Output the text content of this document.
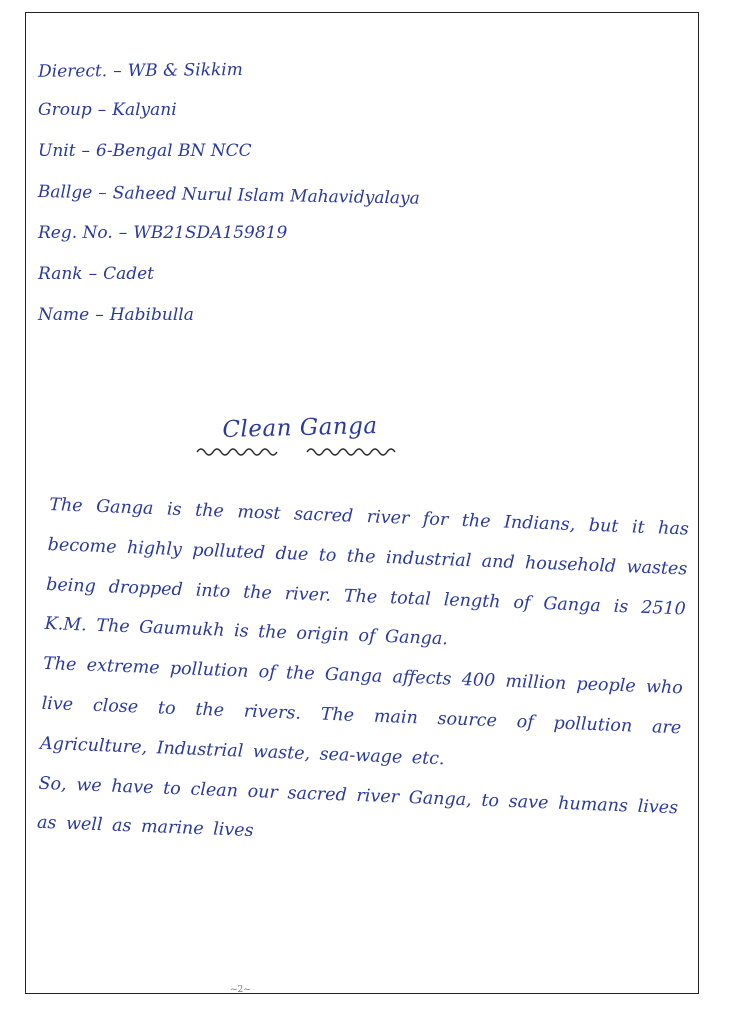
Dierect. – WB & Sikkim
Group – Kalyani
Unit – 6-Bengal BN NCC
Ballge – Saheed Nurul Islam Mahavidyalaya
Reg. No. – WB21SDA159819
Rank – Cadet
Name – Habibulla
Clean Ganga

The Ganga is the most sacred river for the Indians, but it has become highly polluted due to the industrial and household wastes being dropped into the river. The total length of Ganga is 2510 K.M. The Gaumukh is the origin of Ganga.

The extreme pollution of the Ganga affects 400 million people who live close to the rivers. The main source of pollution are Agriculture, Industrial waste, sea-wage etc.

So, we have to clean our sacred river Ganga, to save humans lives as well as marine lives

~2~
